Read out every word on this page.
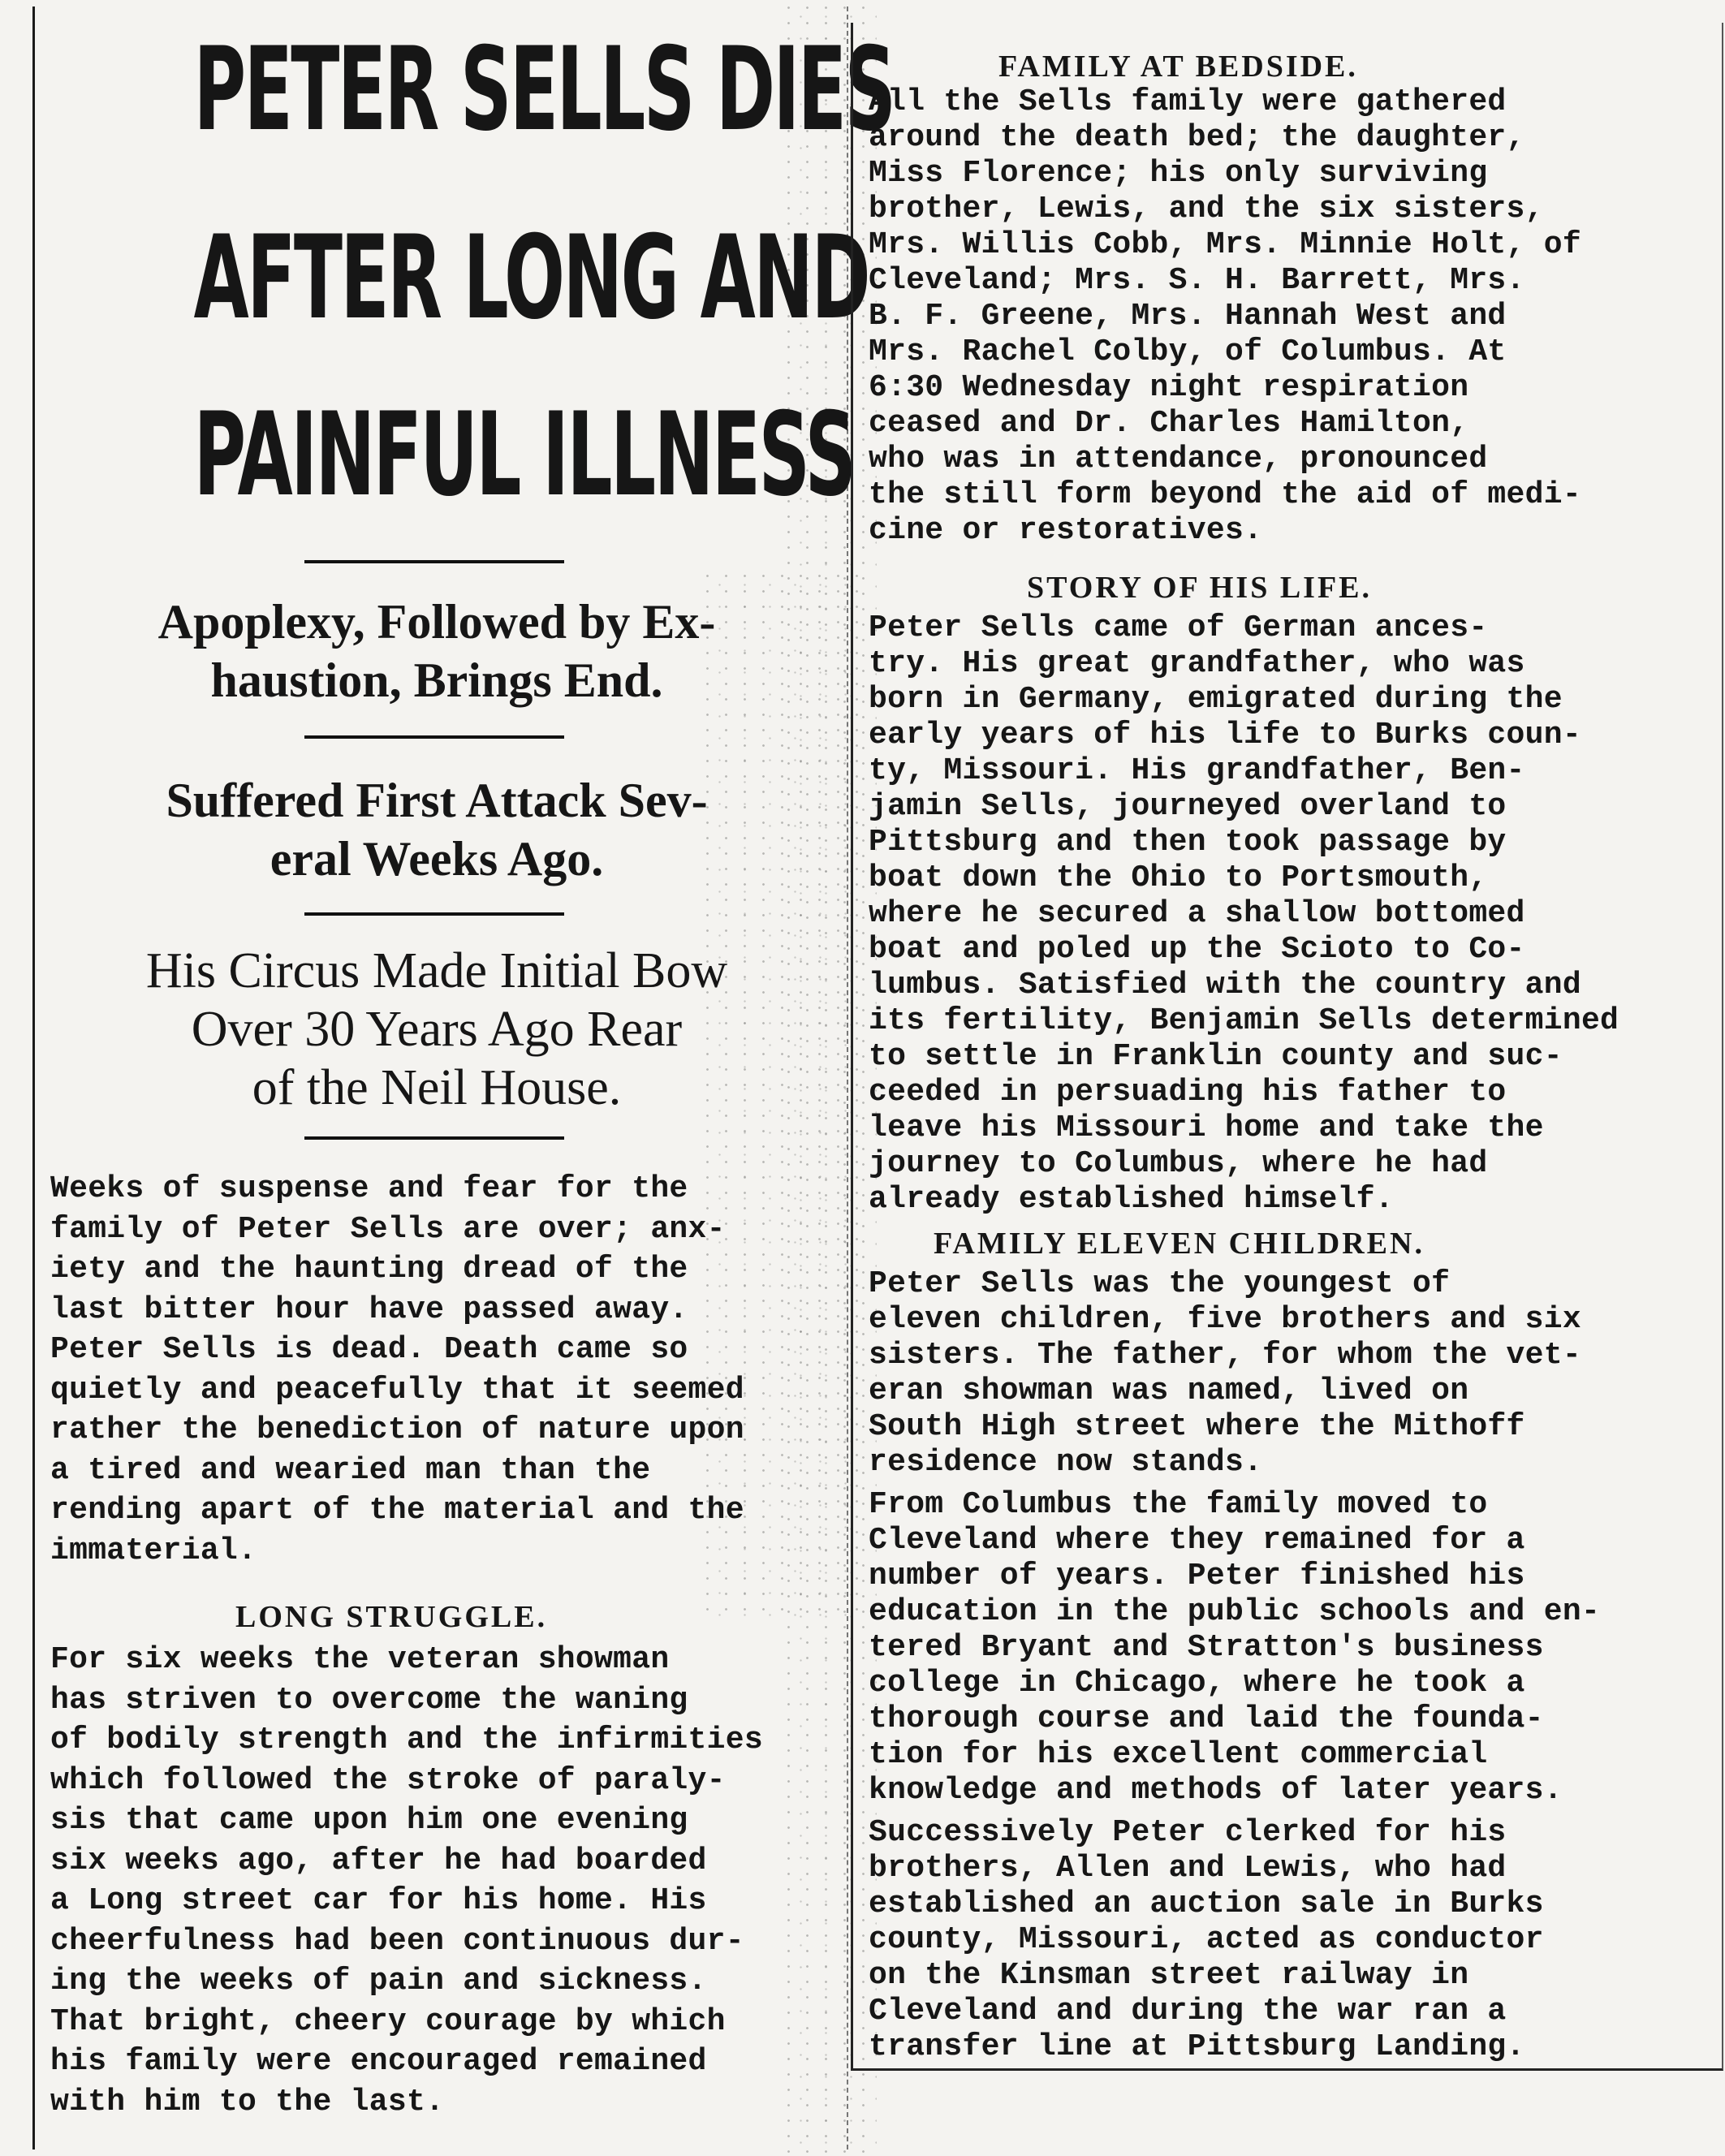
PETER SELLS DIES
AFTER LONG AND
PAINFUL ILLNESS
Apoplexy, Followed by Ex-
haustion, Brings End.
Suffered First Attack Sev-
eral Weeks Ago.
His Circus Made Initial Bow
Over 30 Years Ago Rear
of the Neil House.
Weeks of suspense and fear for the
family of Peter Sells are over; anx-
iety and the haunting dread of the
last bitter hour have passed away.
Peter Sells is dead. Death came so
quietly and peacefully that it seemed
rather the benediction of nature upon
a tired and wearied man than the
rending apart of the material and the
immaterial.
LONG STRUGGLE.
For six weeks the veteran showman
has striven to overcome the waning
of bodily strength and the infirmities
which followed the stroke of paraly-
sis that came upon him one evening
six weeks ago, after he had boarded
a Long street car for his home. His
cheerfulness had been continuous dur-
ing the weeks of pain and sickness.
That bright, cheery courage by which
his family were encouraged remained
with him to the last.
FAMILY AT BEDSIDE.
All the Sells family were gathered
around the death bed; the daughter,
Miss Florence; his only surviving
brother, Lewis, and the six sisters,
Mrs. Willis Cobb, Mrs. Minnie Holt, of
Cleveland; Mrs. S. H. Barrett, Mrs.
B. F. Greene, Mrs. Hannah West and
Mrs. Rachel Colby, of Columbus. At
6:30 Wednesday night respiration
ceased and Dr. Charles Hamilton,
who was in attendance, pronounced
the still form beyond the aid of medi-
cine or restoratives.
STORY OF HIS LIFE.
Peter Sells came of German ances-
try. His great grandfather, who was
born in Germany, emigrated during the
early years of his life to Burks coun-
ty, Missouri. His grandfather, Ben-
jamin Sells, journeyed overland to
Pittsburg and then took passage by
boat down the Ohio to Portsmouth,
where he secured a shallow bottomed
boat and poled up the Scioto to Co-
lumbus. Satisfied with the country and
its fertility, Benjamin Sells determined
to settle in Franklin county and suc-
ceeded in persuading his father to
leave his Missouri home and take the
journey to Columbus, where he had
already established himself.
FAMILY ELEVEN CHILDREN.
Peter Sells was the youngest of
eleven children, five brothers and six
sisters. The father, for whom the vet-
eran showman was named, lived on
South High street where the Mithoff
residence now stands.
From Columbus the family moved to
Cleveland where they remained for a
number of years. Peter finished his
education in the public schools and en-
tered Bryant and Stratton's business
college in Chicago, where he took a
thorough course and laid the founda-
tion for his excellent commercial
knowledge and methods of later years.
Successively Peter clerked for his
brothers, Allen and Lewis, who had
established an auction sale in Burks
county, Missouri, acted as conductor
on the Kinsman street railway in
Cleveland and during the war ran a
transfer line at Pittsburg Landing.
